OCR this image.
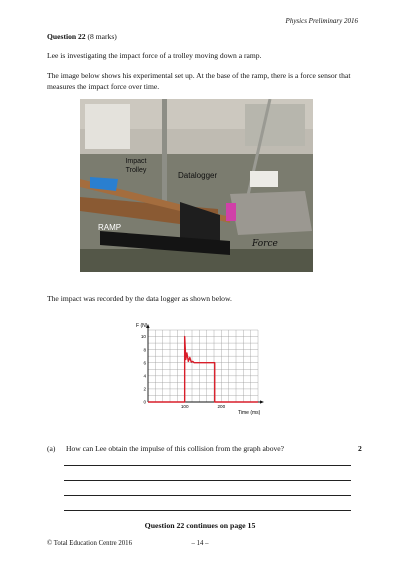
Physics Preliminary 2016
Question 22 (8 marks)
Lee is investigating the impact force of a trolley moving down a ramp.
The image below shows his experimental set up. At the base of the ramp, there is a force sensor that measures the impact force over time.
Impact Trolley
Datalogger
RAMP
Force
The impact was recorded by the data logger as shown below.
10
8
6
4
2
0
100	200
F (N)
Time (ms)
(a) How can Lee obtain the impulse of this collision from the graph above?	2
Question 22 continues on page 15
© Total Education Centre 2016	– 14 –
